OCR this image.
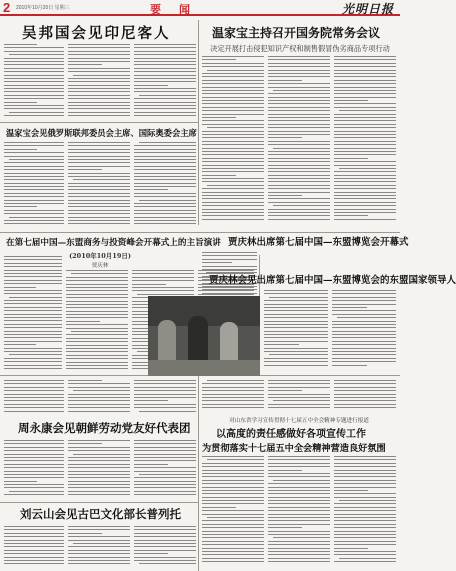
2 2010年10月20日 星期三	要闻	光明日报
吴邦国会见印尼客人	温家宝主持召开国务院常务会议
决定开展打击侵犯知识产权和制售假冒伪劣商品专项行动
温家宝会见俄罗斯联邦委员会主席、国际奥委会主席
贾庆林出席第七届中国—东盟博览会开幕式
在第七届中国—东盟商务与投资峰会开幕式上的主旨演讲
(2010年10月19日)
贾庆林
贾庆林会见出席第七届中国—东盟博览会的东盟国家领导人
周永康会见朝鲜劳动党友好代表团
刘云山会见古巴文化部长普列托
对山东省学习宣传贯彻十七届五中全会精神专题进行报道
以高度的责任感做好各项宣传工作
为贯彻落实十七届五中全会精神营造良好氛围
